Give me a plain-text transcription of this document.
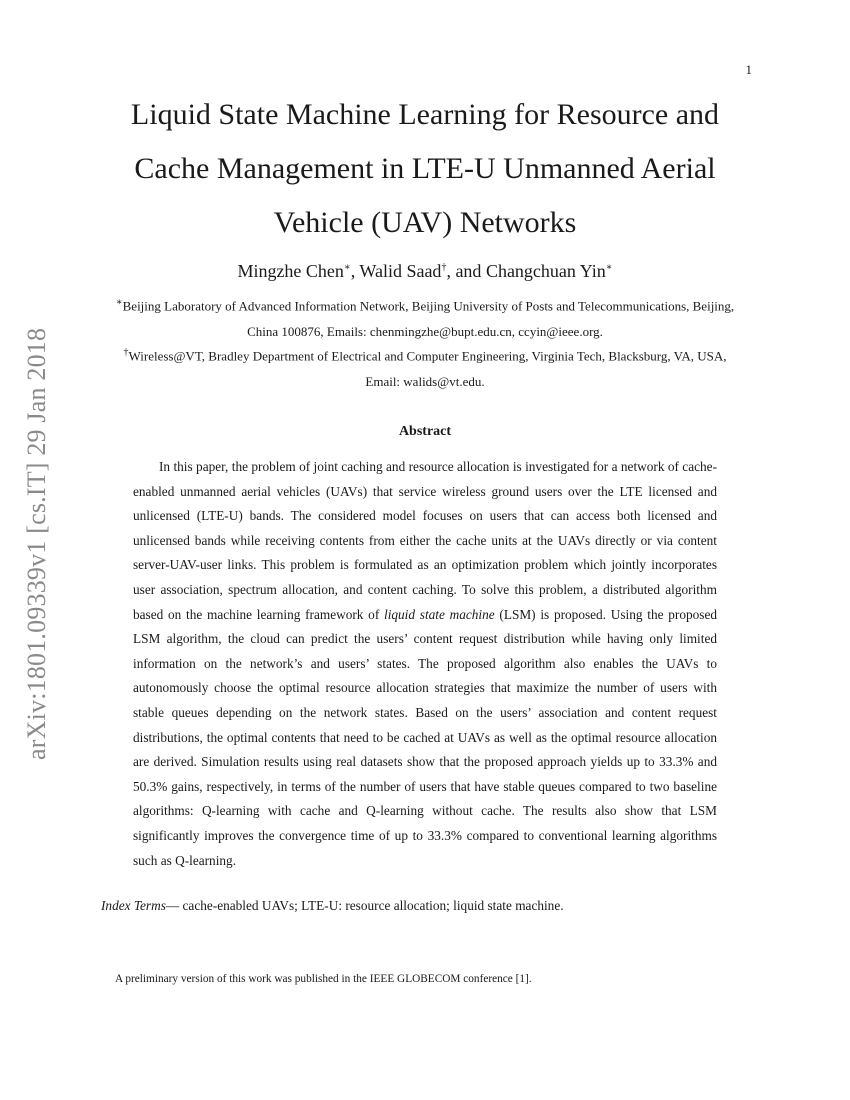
1
arXiv:1801.09339v1 [cs.IT] 29 Jan 2018
Liquid State Machine Learning for Resource and Cache Management in LTE-U Unmanned Aerial Vehicle (UAV) Networks
Mingzhe Chen∗, Walid Saad†, and Changchuan Yin∗
∗Beijing Laboratory of Advanced Information Network, Beijing University of Posts and Telecommunications, Beijing, China 100876, Emails: chenmingzhe@bupt.edu.cn, ccyin@ieee.org.
†Wireless@VT, Bradley Department of Electrical and Computer Engineering, Virginia Tech, Blacksburg, VA, USA, Email: walids@vt.edu.
Abstract

In this paper, the problem of joint caching and resource allocation is investigated for a network of cache-enabled unmanned aerial vehicles (UAVs) that service wireless ground users over the LTE licensed and unlicensed (LTE-U) bands. The considered model focuses on users that can access both licensed and unlicensed bands while receiving contents from either the cache units at the UAVs directly or via content server-UAV-user links. This problem is formulated as an optimization problem which jointly incorporates user association, spectrum allocation, and content caching. To solve this problem, a distributed algorithm based on the machine learning framework of liquid state machine (LSM) is proposed. Using the proposed LSM algorithm, the cloud can predict the users’ content request distribution while having only limited information on the network’s and users’ states. The proposed algorithm also enables the UAVs to autonomously choose the optimal resource allocation strategies that maximize the number of users with stable queues depending on the network states. Based on the users’ association and content request distributions, the optimal contents that need to be cached at UAVs as well as the optimal resource allocation are derived. Simulation results using real datasets show that the proposed approach yields up to 33.3% and 50.3% gains, respectively, in terms of the number of users that have stable queues compared to two baseline algorithms: Q-learning with cache and Q-learning without cache. The results also show that LSM significantly improves the convergence time of up to 33.3% compared to conventional learning algorithms such as Q-learning.

Index Terms— cache-enabled UAVs; LTE-U: resource allocation; liquid state machine.
A preliminary version of this work was published in the IEEE GLOBECOM conference [1].
